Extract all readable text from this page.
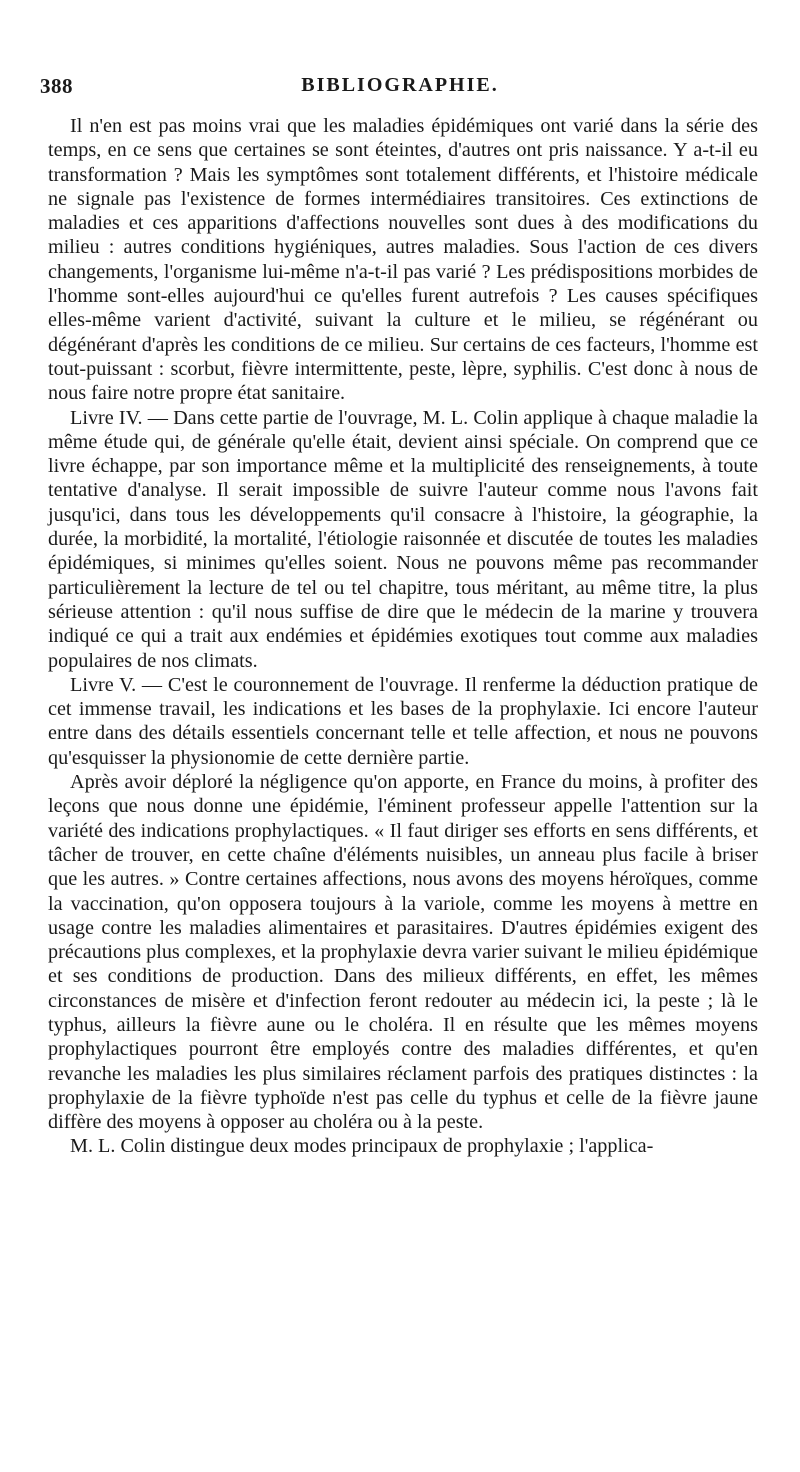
388	BIBLIOGRAPHIE.

Il n'en est pas moins vrai que les maladies épidémiques ont varié dans la série des temps, en ce sens que certaines se sont éteintes, d'autres ont pris naissance. Y a-t-il eu transformation ? Mais les symptômes sont totalement différents, et l'histoire médicale ne signale pas l'existence de formes intermédiaires transitoires. Ces extinctions de maladies et ces apparitions d'affections nouvelles sont dues à des modifications du milieu : autres conditions hygiéniques, autres maladies. Sous l'action de ces divers changements, l'organisme lui-même n'a-t-il pas varié ? Les prédispositions morbides de l'homme sont-elles aujourd'hui ce qu'elles furent autrefois ? Les causes spécifiques elles-même varient d'activité, suivant la culture et le milieu, se régénérant ou dégénérant d'après les conditions de ce milieu. Sur certains de ces facteurs, l'homme est tout-puissant : scorbut, fièvre intermittente, peste, lèpre, syphilis. C'est donc à nous de nous faire notre propre état sanitaire.

Livre IV. — Dans cette partie de l'ouvrage, M. L. Colin applique à chaque maladie la même étude qui, de générale qu'elle était, devient ainsi spéciale. On comprend que ce livre échappe, par son importance même et la multiplicité des renseignements, à toute tentative d'analyse. Il serait impossible de suivre l'auteur comme nous l'avons fait jusqu'ici, dans tous les développements qu'il consacre à l'histoire, la géographie, la durée, la morbidité, la mortalité, l'étiologie raisonnée et discutée de toutes les maladies épidémiques, si minimes qu'elles soient. Nous ne pouvons même pas recommander particulièrement la lecture de tel ou tel chapitre, tous méritant, au même titre, la plus sérieuse attention : qu'il nous suffise de dire que le médecin de la marine y trouvera indiqué ce qui a trait aux endémies et épidémies exotiques tout comme aux maladies populaires de nos climats.

Livre V. — C'est le couronnement de l'ouvrage. Il renferme la déduction pratique de cet immense travail, les indications et les bases de la prophylaxie. Ici encore l'auteur entre dans des détails essentiels concernant telle et telle affection, et nous ne pouvons qu'esquisser la physionomie de cette dernière partie.

Après avoir déploré la négligence qu'on apporte, en France du moins, à profiter des leçons que nous donne une épidémie, l'éminent professeur appelle l'attention sur la variété des indications prophylactiques. « Il faut diriger ses efforts en sens différents, et tâcher de trouver, en cette chaîne d'éléments nuisibles, un anneau plus facile à briser que les autres. » Contre certaines affections, nous avons des moyens héroïques, comme la vaccination, qu'on opposera toujours à la variole, comme les moyens à mettre en usage contre les maladies alimentaires et parasitaires. D'autres épidémies exigent des précautions plus complexes, et la prophylaxie devra varier suivant le milieu épidémique et ses conditions de production. Dans des milieux différents, en effet, les mêmes circonstances de misère et d'infection feront redouter au médecin ici, la peste ; là le typhus, ailleurs la fièvre aune ou le choléra. Il en résulte que les mêmes moyens prophylactiques pourront être employés contre des maladies différentes, et qu'en revanche les maladies les plus similaires réclament parfois des pratiques distinctes : la prophylaxie de la fièvre typhoïde n'est pas celle du typhus et celle de la fièvre jaune diffère des moyens à opposer au choléra ou à la peste.

M. L. Colin distingue deux modes principaux de prophylaxie ; l'applica-
